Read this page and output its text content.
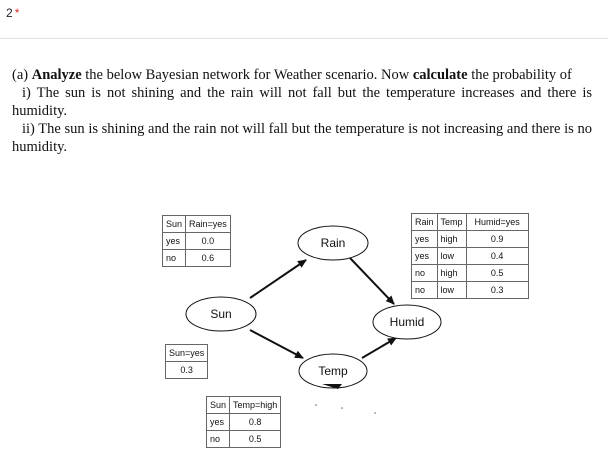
2 *

(a) Analyze the below Bayesian network for Weather scenario. Now calculate the probability of

i) The sun is not shining and the rain will not fall but the temperature increases and there is humidity.

ii) The sun is shining and the rain not will fall but the temperature is not increasing and there is no humidity.

Rain
Sun
Humid
Temp
Sun	Rain=yes
yes	0.0
no	0.6
Sun=yes
0.3
Sun	Temp=high
yes	0.8
no	0.5
Rain	Temp	Humid=yes
yes	high	0.9
yes	low	0.4
no	high	0.5
no	low	0.3
